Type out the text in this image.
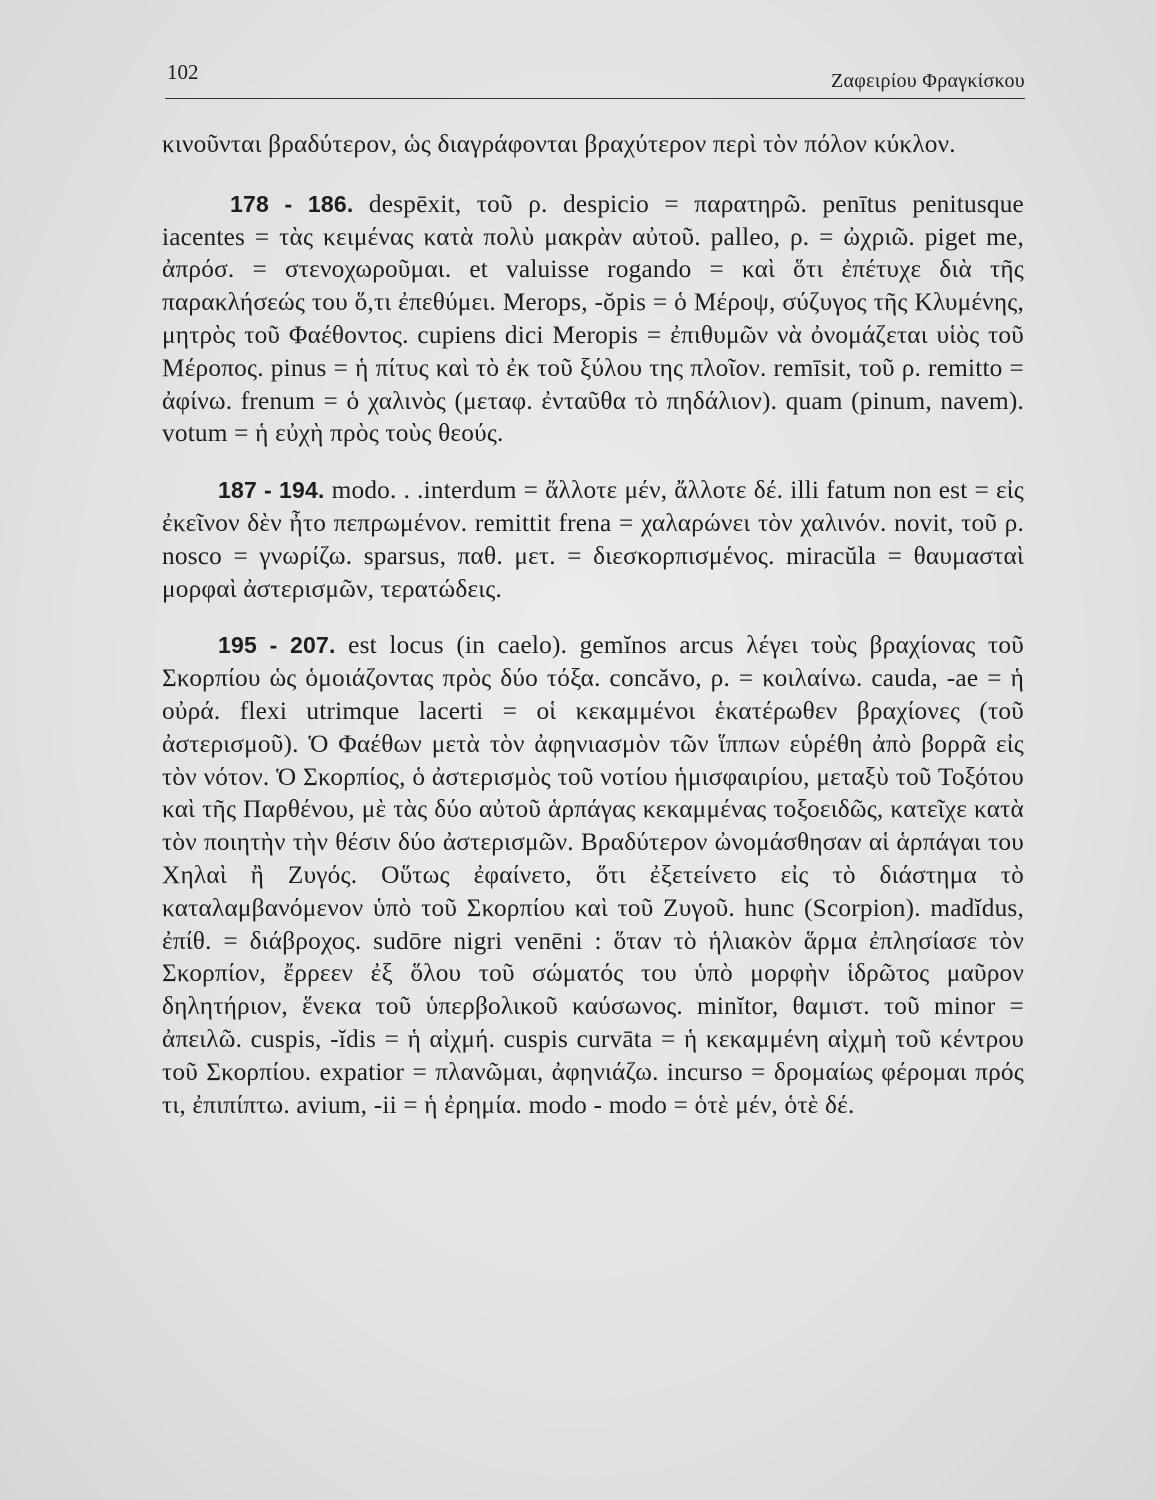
102	Ζαφειρίου Φραγκίσκου

κινοῦνται βραδύτερον, ὡς διαγράφονται βραχύτερον περὶ τὸν πόλον κύκλον.

178 - 186. despēxit, τοῦ ρ. despicio = παρατηρῶ. penītus penitusque iacentes = τὰς κειμένας κατὰ πολὺ μακρὰν αὐτοῦ. palleo, ρ. = ὠχριῶ. piget me, ἀπρόσ. = στενοχωροῦμαι. et valuisse rogando = καὶ ὅτι ἐπέτυχε διὰ τῆς παρακλήσεώς του ὅ,τι ἐπεθύμει. Merops, -ŏpis = ὁ Μέροψ, σύζυγος τῆς Κλυμένης, μητρὸς τοῦ Φαέθοντος. cupiens dici Meropis = ἐπιθυμῶν νὰ ὀνομάζεται υἱὸς τοῦ Μέροπος. pinus = ἡ πίτυς καὶ τὸ ἐκ τοῦ ξύλου της πλοῖον. remīsit, τοῦ ρ. remitto = ἀφίνω. frenum = ὁ χαλινὸς (μεταφ. ἐνταῦθα τὸ πηδάλιον). quam (pinum, navem). votum = ἡ εὐχὴ πρὸς τοὺς θεούς.

187 - 194. modo. . .interdum = ἄλλοτε μέν, ἄλλοτε δέ. illi fatum non est = εἰς ἐκεῖνον δὲν ἦτο πεπρωμένον. remittit frena = χαλαρώνει τὸν χαλινόν. novit, τοῦ ρ. nosco = γνωρίζω. sparsus, παθ. μετ. = διεσκορπισμένος. miracŭla = θαυμασταὶ μορφαὶ ἀστερισμῶν, τερατώδεις.

195 - 207. est locus (in caelo). gemĭnos arcus λέγει τοὺς βραχίονας τοῦ Σκορπίου ὡς ὁμοιάζοντας πρὸς δύο τόξα. concăvo, ρ. = κοιλαίνω. cauda, -ae = ἡ οὐρά. flexi utrimque lacerti = οἱ κεκαμμένοι ἑκατέρωθεν βραχίονες (τοῦ ἀστερισμοῦ). Ὁ Φαέθων μετὰ τὸν ἀφηνιασμὸν τῶν ἵππων εὑρέθη ἀπὸ βορρᾶ εἰς τὸν νότον. Ὁ Σκορπίος, ὁ ἀστερισμὸς τοῦ νοτίου ἡμισφαιρίου, μεταξὺ τοῦ Τοξότου καὶ τῆς Παρθένου, μὲ τὰς δύο αὐτοῦ ἁρπάγας κεκαμμένας τοξοειδῶς, κατεῖχε κατὰ τὸν ποιητὴν τὴν θέσιν δύο ἀστερισμῶν. Βραδύτερον ὠνομάσθησαν αἱ ἁρπάγαι του Χηλαὶ ἢ Ζυγός. Οὕτως ἐφαίνετο, ὅτι ἐξετείνετο εἰς τὸ διάστημα τὸ καταλαμβανόμενον ὑπὸ τοῦ Σκορπίου καὶ τοῦ Ζυγοῦ. hunc (Scorpion). madĭdus, ἐπίθ. = διάβροχος. sudōre nigri venēni : ὅταν τὸ ἡλιακὸν ἅρμα ἐπλησίασε τὸν Σκορπίον, ἔρρεεν ἐξ ὅλου τοῦ σώματός του ὑπὸ μορφὴν ἱδρῶτος μαῦρον δηλητήριον, ἕνεκα τοῦ ὑπερβολικοῦ καύσωνος. minĭtor, θαμιστ. τοῦ minor = ἀπειλῶ. cuspis, -ĭdis = ἡ αἰχμή. cuspis curvāta = ἡ κεκαμμένη αἰχμὴ τοῦ κέντρου τοῦ Σκορπίου. expatior = πλανῶμαι, ἀφηνιάζω. incurso = δρομαίως φέρομαι πρός τι, ἐπιπίπτω. avium, -ii = ἡ ἐρημία. modo - modo = ὁτὲ μέν, ὁτὲ δέ.
